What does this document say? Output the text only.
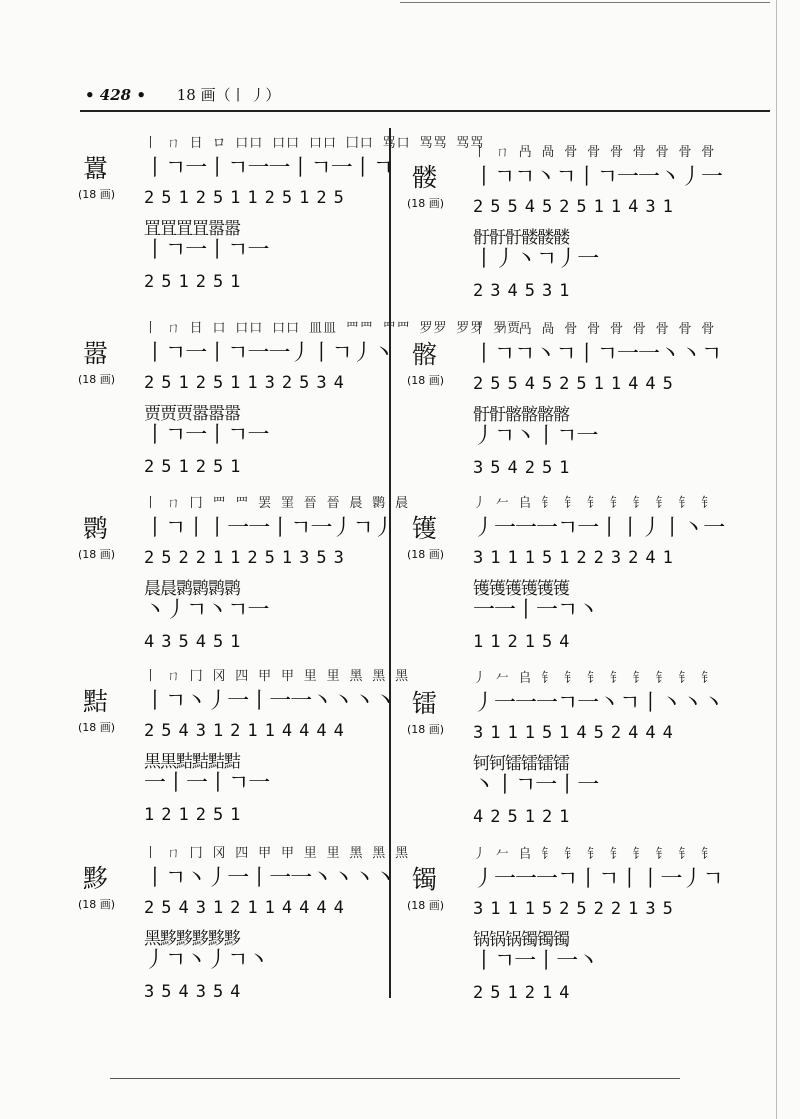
• 428 • 18 画（丨 丿）
囂
(18 画)
丨 ㄇ 日 ロ 口口 口口 口口 囗口 骂口 骂骂 骂骂
丨ㄱ一丨ㄱ一一丨ㄱ一丨ㄱ
251251125125
罝罝罝罝嚣嚣
丨ㄱ一丨ㄱ一
251251
嚣
(18 画)
丨 ㄇ 日 口 口口 口口 皿皿 罒罒 罒罒 罗罗 罗罗 罗贾
丨ㄱ一丨ㄱ一一丿丨ㄱ丿丶
251251132534
贾贾贾嚣嚣嚣
丨ㄱ一丨ㄱ一
251251
鹮
(18 画)
丨 ㄇ 冂 罒 罒 罢 罣 晉 晉 晨 鹮 晨
丨ㄱ丨丨一一丨ㄱ一丿ㄱ丿
252211251353
晨晨鹮鹮鹮鹮
丶丿ㄱ丶ㄱ一
435451
黠
(18 画)
丨 ㄇ 冂 冈 四 甲 甲 里 里 黑 黑 黑
丨ㄱ丶丿一丨一一丶丶丶丶
254312114444
黒黒黠黠黠黠
一丨一丨ㄱ一
121251
黟
(18 画)
丨 ㄇ 冂 冈 四 甲 甲 里 里 黑 黑 黑
丨ㄱ丶丿一丨一一丶丶丶丶
254312114444
黑黟黟黟黟黟
丿ㄱ丶丿ㄱ丶
354354
髅
(18 画)
丨 ㄇ 冎 咼 骨 骨 骨 骨 骨 骨 骨
丨ㄱㄱ丶ㄱ丨ㄱ一一丶丿一
255452511431
骬骬骬髅髅髅
丨丿丶ㄱ丿一
234531
髂
(18 画)
丨 ㄇ 冎 咼 骨 骨 骨 骨 骨 骨 骨
丨ㄱㄱ丶ㄱ丨ㄱ一一丶丶ㄱ
255452511445
骬骬髂髂髂髂
丿ㄱ丶丨ㄱ一
354251
镬
(18 画)
丿 𠂉 𠂤 钅 钅 钅 钅 钅 钅 钅 钅
丿一一一ㄱ一丨丨丿丨丶一
311151223241
镬镬镬镬镬镬
一一丨一ㄱ丶
112154
镭
(18 画)
丿 𠂉 𠂤 钅 钅 钅 钅 钅 钅 钅 钅
丿一一一ㄱ一丶ㄱ丨丶丶丶
311151452444
钶钶镭镭镭镭
丶丨ㄱ一丨一
425121
镯
(18 画)
丿 𠂉 𠂤 钅 钅 钅 钅 钅 钅 钅 钅
丿一一一ㄱ丨ㄱ丨丨一丿ㄱ
311152522135
锅锅锅镯镯镯
丨ㄱ一丨一丶
251214
